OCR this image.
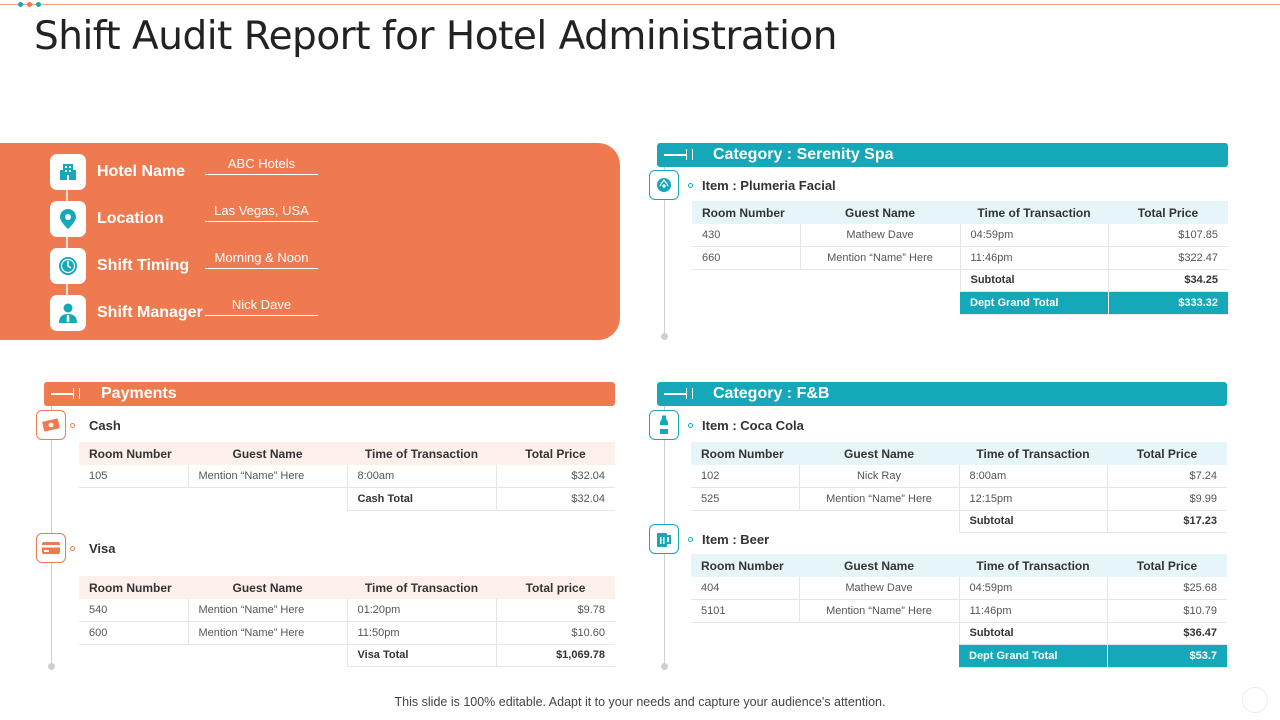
Shift Audit Report for Hotel Administration
Hotel Name	ABC Hotels
Location	Las Vegas, USA
Shift Timing	Morning & Noon
Shift Manager	Nick Dave
Payments
Cash
Room Number	Guest Name	Time of Transaction	Total Price
105	Mention “Name” Here	8:00am	$32.04
		Cash Total	$32.04
Visa
Room Number	Guest Name	Time of Transaction	Total price
540	Mention “Name” Here	01:20pm	$9.78
600	Mention “Name” Here	11:50pm	$10.60
		Visa Total	$1,069.78
Category : Serenity Spa
Item : Plumeria Facial
Room Number	Guest Name	Time of Transaction	Total Price
430	Mathew Dave	04:59pm	$107.85
660	Mention “Name” Here	11:46pm	$322.47
		Subtotal	$34.25
		Dept Grand Total	$333.32
Category : F&B
Item : Coca Cola
Room Number	Guest Name	Time of Transaction	Total Price
102	Nick Ray	8:00am	$7.24
525	Mention “Name” Here	12:15pm	$9.99
		Subtotal	$17.23
Item : Beer
Room Number	Guest Name	Time of Transaction	Total Price
404	Mathew Dave	04:59pm	$25.68
5101	Mention “Name” Here	11:46pm	$10.79
		Subtotal	$36.47
		Dept Grand Total	$53.7
This slide is 100% editable. Adapt it to your needs and capture your audience's attention.
